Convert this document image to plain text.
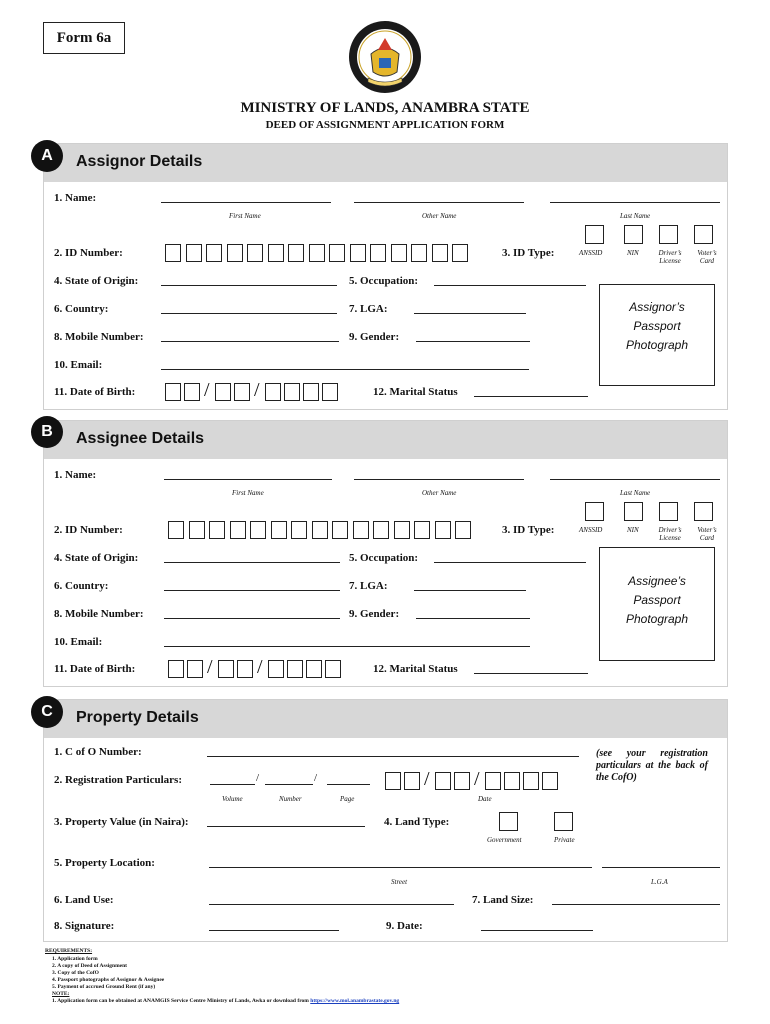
Form 6a
MINISTRY OF LANDS, ANAMBRA STATE
DEED OF ASSIGNMENT APPLICATION FORM
Assignor Details
1. Name:
First Name	Other Name	Last Name
2. ID Number:	3. ID Type:	ANSSID	NIN	Driver’s License
Voter’s Card
4. State of Origin:	5. Occupation:
6. Country:	7. LGA:
8. Mobile Number:	9. Gender:
10. Email:
11. Date of Birth:	12. Marital Status
Assignor’s
Passport
Photograph
/ /
A
Assignee Details
1. Name:
First Name	Other Name	Last Name
2. ID Number:	3. ID Type:	ANSSID	NIN	Driver’s License
Voter’s Card
4. State of Origin:	5. Occupation:
6. Country:	7. LGA:
8. Mobile Number:	9. Gender:
10. Email:
11. Date of Birth:	12. Marital Status
Assignee’s
Passport
Photograph
/ /
B
Property Details
1. C of O Number:	(see your registration particulars at the back of the CofO)
2. Registration Particulars:	/	/
Volume	Number	Page	Date
3. Property Value (in Naira):	4. Land Type:
Government	Private
5. Property Location:
Street	L.G.A
6. Land Use:	7. Land Size:
8. Signature:	9. Date:
/ /
C
REQUIREMENTS:
1. Application form
2. A copy of Deed of Assignment
3. Copy of the CofO
4. Passport photographs of Assignor & Assignee
5. Payment of accrued Ground Rent (if any)
NOTE:
1. Application form can be obtained at ANAMGIS Service Centre Ministry of Lands, Awka or download from https://www.mol.anambrastate.gov.ng
